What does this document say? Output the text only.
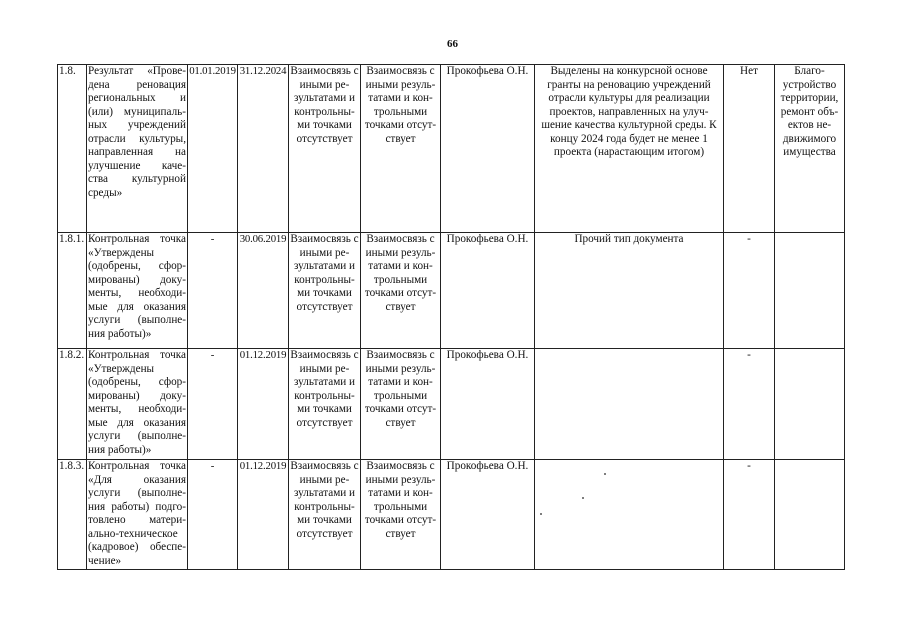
66
1.8.	Результат «Прове-дена реновация региональных и (или) муниципаль-ных учреждений отрасли культуры, направленная на улучшение каче-ства культурной среды»	01.01.2019	31.12.2024	Взаимосвязь с иными ре-зультатами и контрольны-ми точками отсутствует	Взаимосвязь с иными резуль-татами и кон-трольными точками отсут-ствует	Прокофьева О.Н.	Выделены на конкурсной основе гранты на реновацию учреждений отрасли культуры для реализации проектов, направленных на улуч-шение качества культурной среды. К концу 2024 года будет не менее 1 проекта (нарастающим итогом)	Нет	Благо-устройство территории, ремонт объ-ектов не-движимого имущества
1.8.1.	Контрольная точка «Утверждены (одобрены, сфор-мированы) доку-менты, необходи-мые для оказания услуги (выполне-ния работы)»	-	30.06.2019	Взаимосвязь с иными ре-зультатами и контрольны-ми точками отсутствует	Взаимосвязь с иными резуль-татами и кон-трольными точками отсут-ствует	Прокофьева О.Н.	Прочий тип документа	-	
1.8.2.	Контрольная точка «Утверждены (одобрены, сфор-мированы) доку-менты, необходи-мые для оказания услуги (выполне-ния работы)»	-	01.12.2019	Взаимосвязь с иными ре-зультатами и контрольны-ми точками отсутствует	Взаимосвязь с иными резуль-татами и кон-трольными точками отсут-ствует	Прокофьева О.Н.		-	
1.8.3.	Контрольная точка «Для оказания услуги (выполне-ния работы) подго-товлено матери-ально-техническое (кадровое) обеспе-чение»	-	01.12.2019	Взаимосвязь с иными ре-зультатами и контрольны-ми точками отсутствует	Взаимосвязь с иными резуль-татами и кон-трольными точками отсут-ствует	Прокофьева О.Н.		-	
